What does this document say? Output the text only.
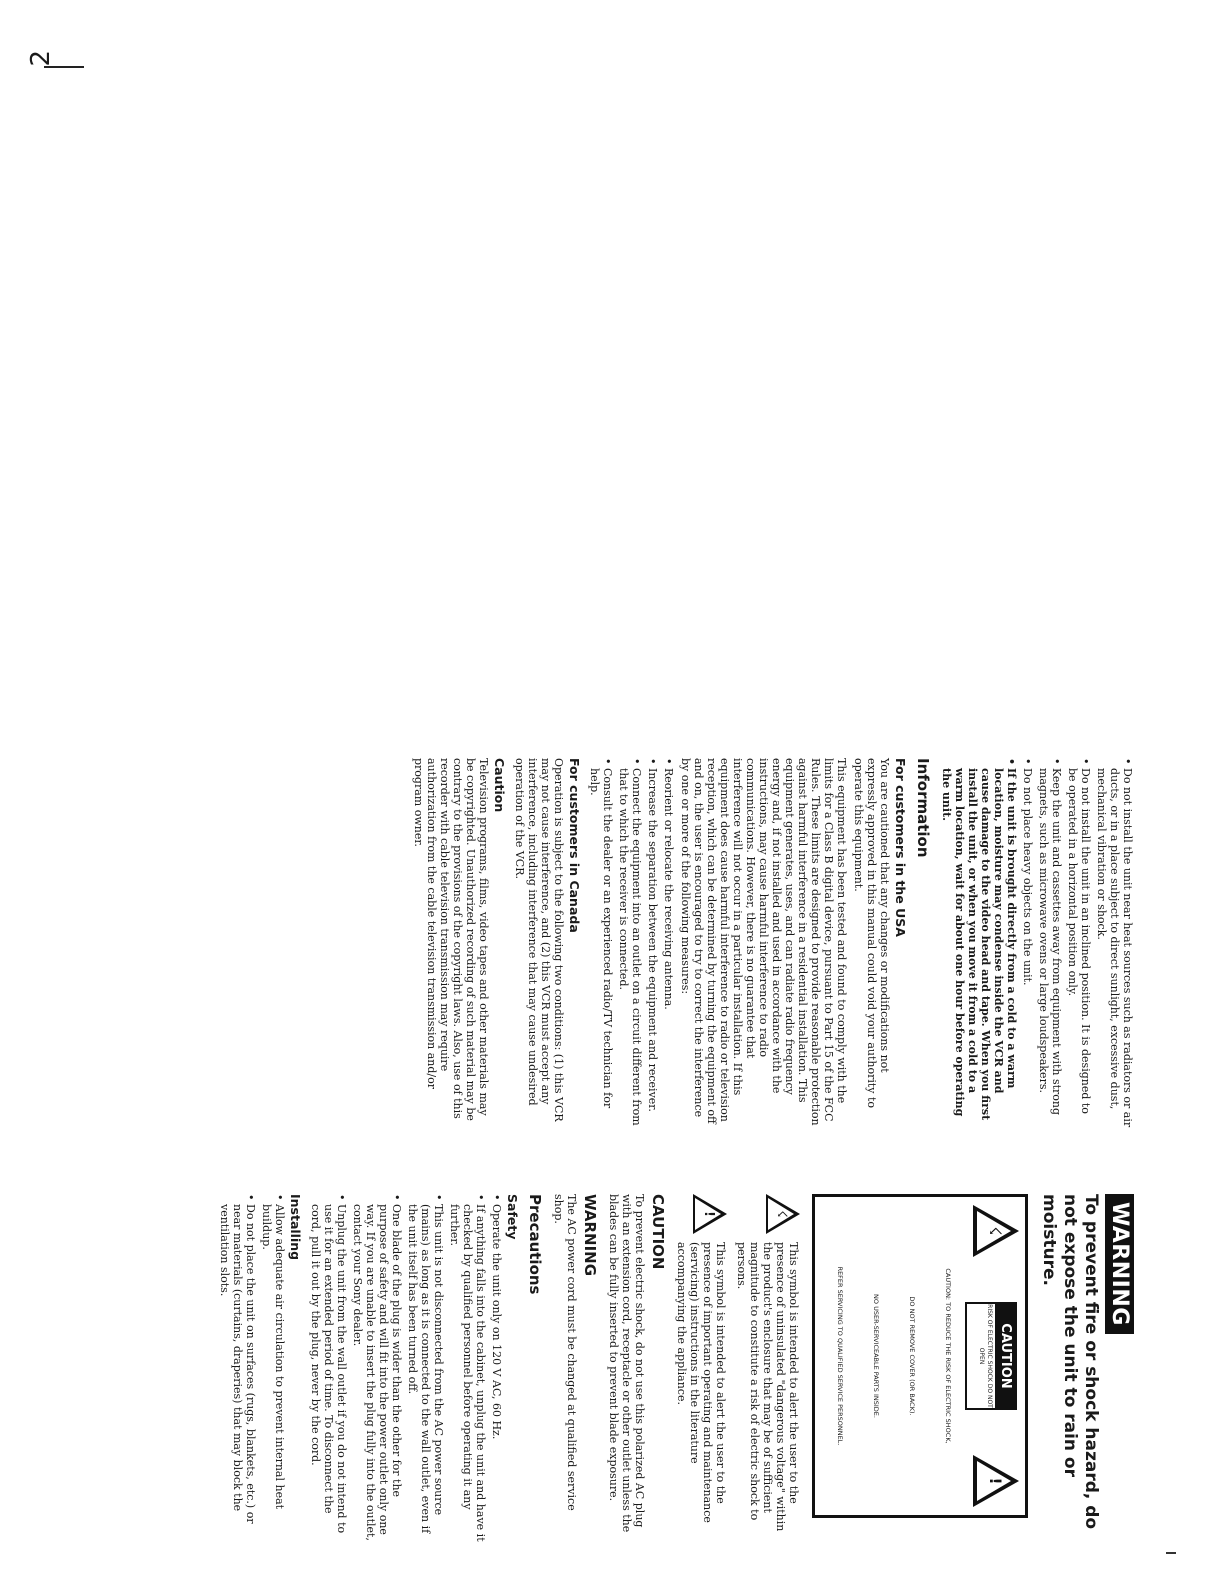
WARNING
To prevent fire or shock hazard, do not expose the unit to rain or moisture.
☇
CAUTION
RISK OF ELECTRIC SHOCK DO NOT OPEN
!
CAUTION: TO REDUCE THE RISK OF ELECTRIC SHOCK,
DO NOT REMOVE COVER (OR BACK).
NO USER-SERVICEABLE PARTS INSIDE.
REFER SERVICING TO QUALIFIED SERVICE PERSONNEL.
☇
This symbol is intended to alert the user to the presence of uninsulated "dangerous voltage" within the product's enclosure that may be of sufficient magnitude to constitute a risk of electric shock to persons.
!
This symbol is intended to alert the user to the presence of important operating and maintenance (servicing) instructions in the literature accompanying the appliance.
CAUTION

To prevent electric shock, do not use this polarized AC plug with an extension cord, receptacle or other outlet unless the blades can be fully inserted to prevent blade exposure.

WARNING

The AC power cord must be changed at qualified service shop.

Precautions
Safety
• Operate the unit only on 120 V AC, 60 Hz.
• If anything falls into the cabinet, unplug the unit and have it checked by qualified personnel before operating it any further.
• This unit is not disconnected from the AC power source (mains) as long as it is connected to the wall outlet, even if the unit itself has been turned off.
• One blade of the plug is wider than the other for the purpose of safety and will fit into the power outlet only one way. If you are unable to insert the plug fully into the outlet, contact your Sony dealer.
• Unplug the unit from the wall outlet if you do not intend to use it for an extended period of time. To disconnect the cord, pull it out by the plug, never by the cord.
Installing
• Allow adequate air circulation to prevent internal heat buildup.
• Do not place the unit on surfaces (rugs, blankets, etc.) or near materials (curtains, draperies) that may block the ventilation slots.
• Do not install the unit near heat sources such as radiators or air ducts, or in a place subject to direct sunlight, excessive dust, mechanical vibration or shock.
• Do not install the unit in an inclined position. It is designed to be operated in a horizontal position only.
• Keep the unit and cassettes away from equipment with strong magnets, such as microwave ovens or large loudspeakers.
• Do not place heavy objects on the unit.
• If the unit is brought directly from a cold to a warm location, moisture may condense inside the VCR and cause damage to the video head and tape. When you first install the unit, or when you move it from a cold to a warm location, wait for about one hour before operating the unit.
Information
For customers in the USA

You are cautioned that any changes or modifications not expressly approved in this manual could void your authority to operate this equipment.

This equipment has been tested and found to comply with the limits for a Class B digital device, pursuant to Part 15 of the FCC Rules. These limits are designed to provide reasonable protection against harmful interference in a residential installation. This equipment generates, uses, and can radiate radio frequency energy and, if not installed and used in accordance with the instructions, may cause harmful interference to radio communications. However, there is no guarantee that interference will not occur in a particular installation. If this equipment does cause harmful interference to radio or television reception, which can be determined by turning the equipment off and on, the user is encouraged to try to correct the interference by one or more of the following measures:

• Reorient or relocate the receiving antenna.
• Increase the separation between the equipment and receiver.
• Connect the equipment into an outlet on a circuit different from that to which the receiver is connected.
• Consult the dealer or an experienced radio/TV technician for help.
For customers in Canada

Operation is subject to the following two conditions: (1) this VCR may not cause interference, and (2) this VCR must accept any interference, including interference that may cause undesired operation of the VCR.

Caution

Television programs, films, video tapes and other materials may be copyrighted. Unauthorized recording of such material may be contrary to the provisions of the copyright laws. Also, use of this recorder with cable television transmission may require authorization from the cable television transmission and/or program owner.

2
